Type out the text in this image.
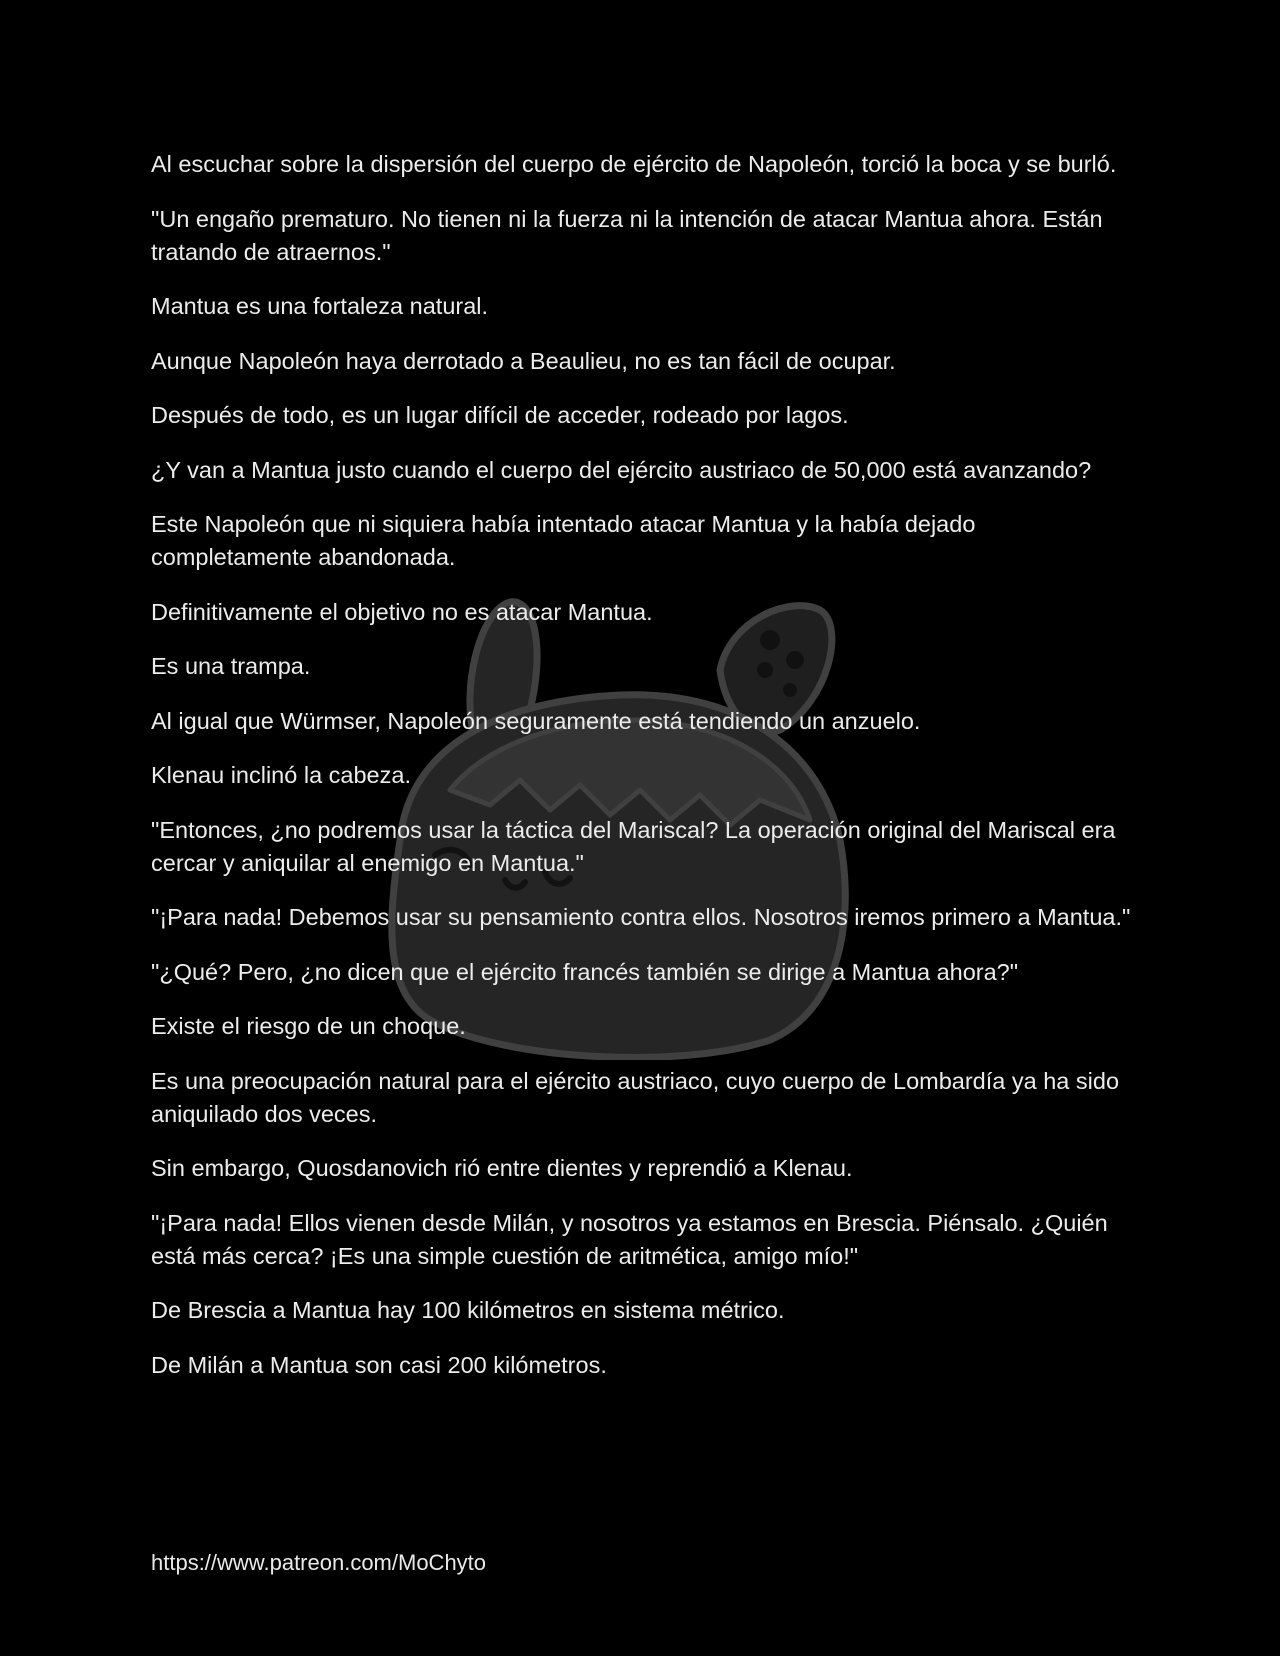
Al escuchar sobre la dispersión del cuerpo de ejército de Napoleón, torció la boca y se burló.

"Un engaño prematuro. No tienen ni la fuerza ni la intención de atacar Mantua ahora. Están tratando de atraernos."

Mantua es una fortaleza natural.

Aunque Napoleón haya derrotado a Beaulieu, no es tan fácil de ocupar.

Después de todo, es un lugar difícil de acceder, rodeado por lagos.

¿Y van a Mantua justo cuando el cuerpo del ejército austriaco de 50,000 está avanzando?

Este Napoleón que ni siquiera había intentado atacar Mantua y la había dejado completamente abandonada.

Definitivamente el objetivo no es atacar Mantua.

Es una trampa.

Al igual que Würmser, Napoleón seguramente está tendiendo un anzuelo.

Klenau inclinó la cabeza.

"Entonces, ¿no podremos usar la táctica del Mariscal? La operación original del Mariscal era cercar y aniquilar al enemigo en Mantua."

"¡Para nada! Debemos usar su pensamiento contra ellos. Nosotros iremos primero a Mantua."

"¿Qué? Pero, ¿no dicen que el ejército francés también se dirige a Mantua ahora?"

Existe el riesgo de un choque.

Es una preocupación natural para el ejército austriaco, cuyo cuerpo de Lombardía ya ha sido aniquilado dos veces.

Sin embargo, Quosdanovich rió entre dientes y reprendió a Klenau.

"¡Para nada! Ellos vienen desde Milán, y nosotros ya estamos en Brescia. Piénsalo. ¿Quién está más cerca? ¡Es una simple cuestión de aritmética, amigo mío!"

De Brescia a Mantua hay 100 kilómetros en sistema métrico.

De Milán a Mantua son casi 200 kilómetros.

https://www.patreon.com/MoChyto
